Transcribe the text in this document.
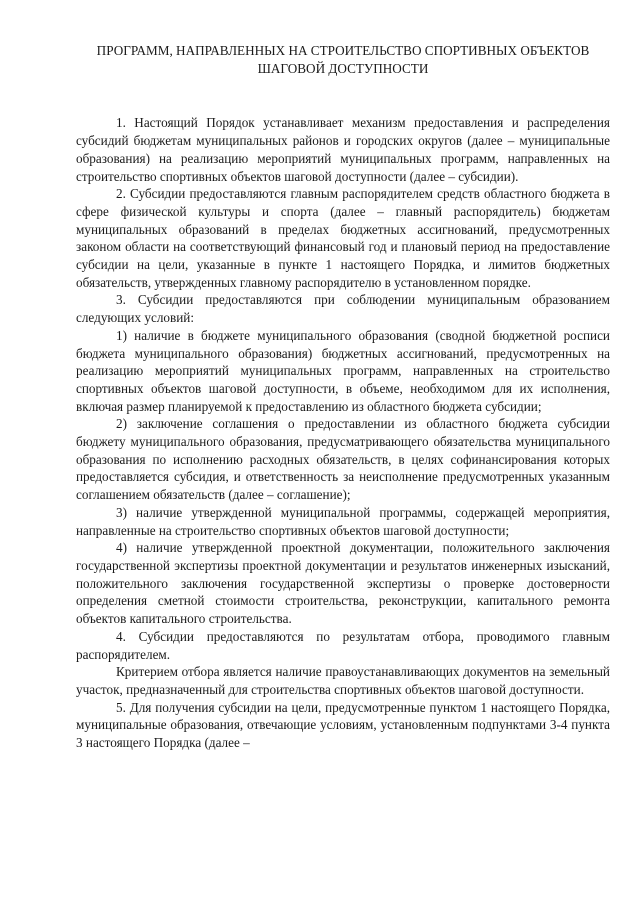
ПРОГРАММ, НАПРАВЛЕННЫХ НА СТРОИТЕЛЬСТВО СПОРТИВНЫХ ОБЪЕКТОВ
ШАГОВОЙ ДОСТУПНОСТИ

1. Настоящий Порядок устанавливает механизм предоставления и распределения субсидий бюджетам муниципальных районов и городских округов (далее – муниципальные образования) на реализацию мероприятий муниципальных программ, направленных на строительство спортивных объектов шаговой доступности (далее – субсидии).

2. Субсидии предоставляются главным распорядителем средств областного бюджета в сфере физической культуры и спорта (далее – главный распорядитель) бюджетам муниципальных образований в пределах бюджетных ассигнований, предусмотренных законом области на соответствующий финансовый год и плановый период на предоставление субсидии на цели, указанные в пункте 1 настоящего Порядка, и лимитов бюджетных обязательств, утвержденных главному распорядителю в установленном порядке.

3. Субсидии предоставляются при соблюдении муниципальным образованием следующих условий:

1) наличие в бюджете муниципального образования (сводной бюджетной росписи бюджета муниципального образования) бюджетных ассигнований, предусмотренных на реализацию мероприятий муниципальных программ, направленных на строительство спортивных объектов шаговой доступности, в объеме, необходимом для их исполнения, включая размер планируемой к предоставлению из областного бюджета субсидии;

2) заключение соглашения о предоставлении из областного бюджета субсидии бюджету муниципального образования, предусматривающего обязательства муниципального образования по исполнению расходных обязательств, в целях софинансирования которых предоставляется субсидия, и ответственность за неисполнение предусмотренных указанным соглашением обязательств (далее – соглашение);

3) наличие утвержденной муниципальной программы, содержащей мероприятия, направленные на строительство спортивных объектов шаговой доступности;

4) наличие утвержденной проектной документации, положительного заключения государственной экспертизы проектной документации и результатов инженерных изысканий, положительного заключения государственной экспертизы о проверке достоверности определения сметной стоимости строительства, реконструкции, капитального ремонта объектов капитального строительства.

4. Субсидии предоставляются по результатам отбора, проводимого главным распорядителем.

Критерием отбора является наличие правоустанавливающих документов на земельный участок, предназначенный для строительства спортивных объектов шаговой доступности.

5. Для получения субсидии на цели, предусмотренные пунктом 1 настоящего Порядка, муниципальные образования, отвечающие условиям, установленным подпунктами 3-4 пункта 3 настоящего Порядка (далее –
